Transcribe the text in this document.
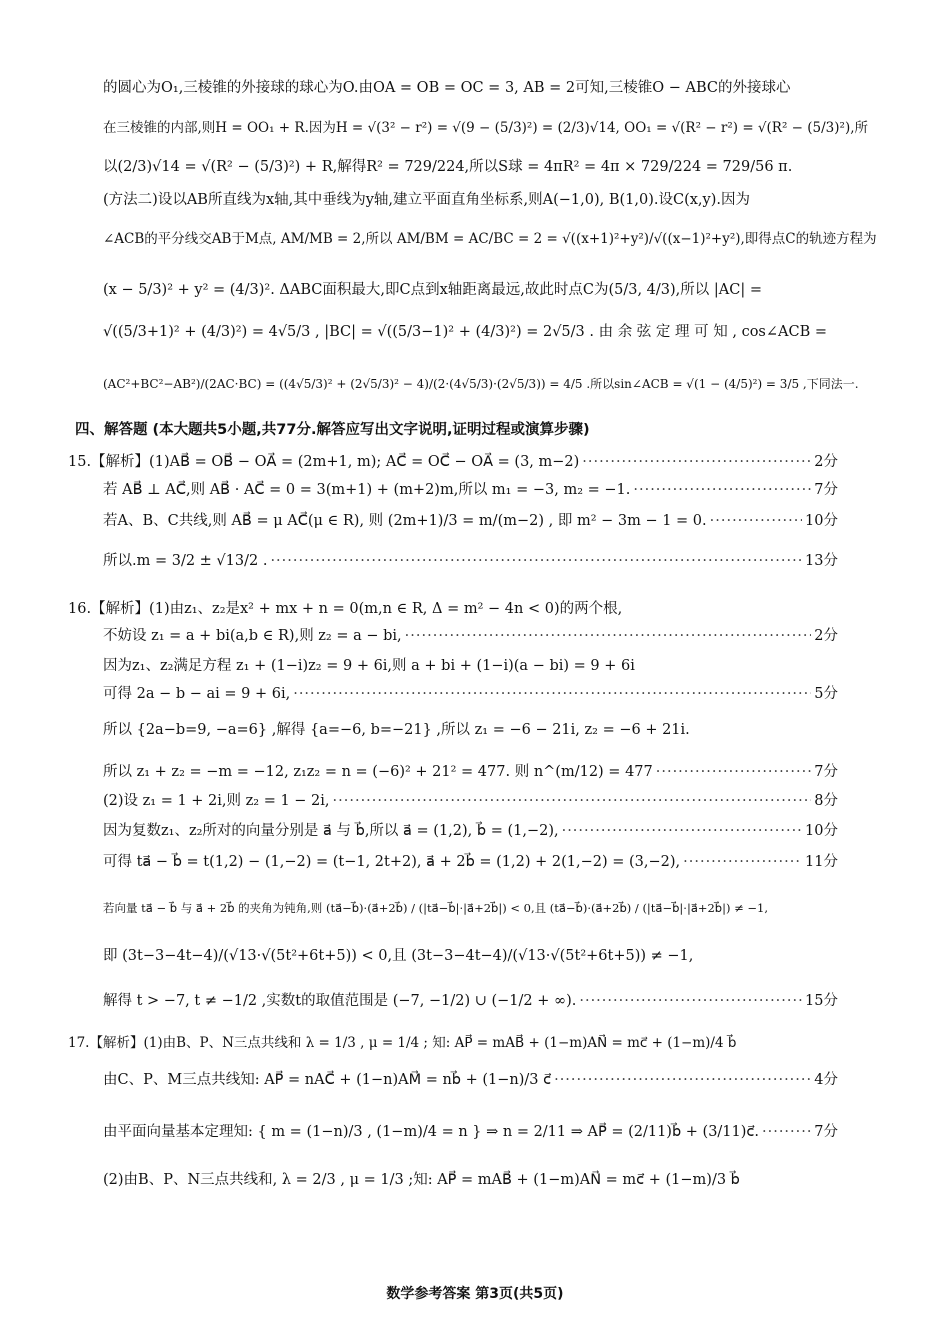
的圆心为O₁,三棱锥的外接球的球心为O.由OA = OB = OC = 3, AB = 2可知,三棱锥O − ABC的外接球心
在三棱锥的内部,则H = OO₁ + R.因为H = √(3² − r²) = √(9 − (5/3)²) = (2/3)√14, OO₁ = √(R² − r²) = √(R² − (5/3)²),所
以(2/3)√14 = √(R² − (5/3)²) + R,解得R² = 729/224,所以S球 = 4πR² = 4π × 729/224 = 729/56 π.
(方法二)设以AB所直线为x轴,其中垂线为y轴,建立平面直角坐标系,则A(−1,0), B(1,0).设C(x,y).因为
∠ACB的平分线交AB于M点, AM/MB = 2,所以 AM/BM = AC/BC = 2 = √((x+1)²+y²)/√((x−1)²+y²),即得点C的轨迹方程为
(x − 5/3)² + y² = (4/3)². ΔABC面积最大,即C点到x轴距离最远,故此时点C为(5/3, 4/3),所以 |AC| =
√((5/3+1)² + (4/3)²) = 4√5/3 , |BC| = √((5/3−1)² + (4/3)²) = 2√5/3 . 由 余 弦 定 理 可 知 , cos∠ACB =
(AC²+BC²−AB²)/(2AC·BC) = ((4√5/3)² + (2√5/3)² − 4)/(2·(4√5/3)·(2√5/3)) = 4/5 .所以sin∠ACB = √(1 − (4/5)²) = 3/5 ,下同法一.
四、解答题 (本大题共5小题,共77分.解答应写出文字说明,证明过程或演算步骤)
15.【解析】(1)AB⃗ = OB⃗ − OA⃗ = (2m+1, m); AC⃗ = OC⃗ − OA⃗ = (3, m−2) ·····	2分
若 AB⃗ ⊥ AC⃗,则 AB⃗ · AC⃗ = 0 = 3(m+1) + (m+2)m,所以 m₁ = −3, m₂ = −1. ·····	7分
若A、B、C共线,则 AB⃗ = μ AC⃗(μ ∈ R), 则 (2m+1)/3 = m/(m−2) , 即 m² − 3m − 1 = 0. ·····	10分
所以.m = 3/2 ± √13/2 . ·····	13分
16.【解析】(1)由z₁、z₂是x² + mx + n = 0(m,n ∈ R, Δ = m² − 4n < 0)的两个根,
不妨设 z₁ = a + bi(a,b ∈ R),则 z₂ = a − bi, ·····	2分
因为z₁、z₂满足方程 z₁ + (1−i)z₂ = 9 + 6i,则 a + bi + (1−i)(a − bi) = 9 + 6i
可得 2a − b − ai = 9 + 6i, ·····	5分
所以 {2a−b=9, −a=6} ,解得 {a=−6, b=−21} ,所以 z₁ = −6 − 21i, z₂ = −6 + 21i.
所以 z₁ + z₂ = −m = −12, z₁z₂ = n = (−6)² + 21² = 477. 则 n^(m/12) = 477 ·····	7分
(2)设 z₁ = 1 + 2i,则 z₂ = 1 − 2i, ·····	8分
因为复数z₁、z₂所对的向量分别是 a⃗ 与 b⃗,所以 a⃗ = (1,2), b⃗ = (1,−2), ·····	10分
可得 ta⃗ − b⃗ = t(1,2) − (1,−2) = (t−1, 2t+2), a⃗ + 2b⃗ = (1,2) + 2(1,−2) = (3,−2), ·····	11分
若向量 ta⃗ − b⃗ 与 a⃗ + 2b⃗ 的夹角为钝角,则 (ta⃗−b⃗)·(a⃗+2b⃗) / (|ta⃗−b⃗|·|a⃗+2b⃗|) < 0,且 (ta⃗−b⃗)·(a⃗+2b⃗) / (|ta⃗−b⃗|·|a⃗+2b⃗|) ≠ −1,
即 (3t−3−4t−4)/(√13·√(5t²+6t+5)) < 0,且 (3t−3−4t−4)/(√13·√(5t²+6t+5)) ≠ −1,
解得 t > −7, t ≠ −1/2 ,实数t的取值范围是 (−7, −1/2) ∪ (−1/2 + ∞). ·····	15分
17.【解析】(1)由B、P、N三点共线和 λ = 1/3 , μ = 1/4 ; 知: AP⃗ = mAB⃗ + (1−m)AN⃗ = mc⃗ + (1−m)/4 b⃗
由C、P、M三点共线知: AP⃗ = nAC⃗ + (1−n)AM⃗ = nb⃗ + (1−n)/3 c⃗ ·····	4分
由平面向量基本定理知: { m = (1−n)/3 , (1−m)/4 = n } ⇒ n = 2/11 ⇒ AP⃗ = (2/11)b⃗ + (3/11)c⃗. ·····	7分
(2)由B、P、N三点共线和, λ = 2/3 , μ = 1/3 ;知: AP⃗ = mAB⃗ + (1−m)AN⃗ = mc⃗ + (1−m)/3 b⃗
数学参考答案 第3页(共5页)
